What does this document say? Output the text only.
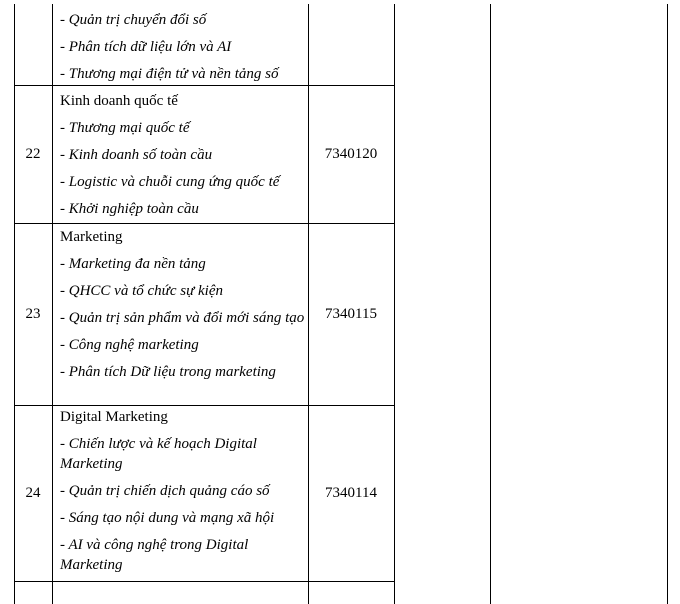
- Quản trị chuyển đổi số
- Phân tích dữ liệu lớn và AI
- Thương mại điện tử và nền tảng số
22
Kinh doanh quốc tế
- Thương mại quốc tế
- Kinh doanh số toàn cầu
- Logistic và chuỗi cung ứng quốc tế
- Khởi nghiệp toàn cầu
7340120
23
Marketing
- Marketing đa nền tảng
- QHCC và tổ chức sự kiện
- Quản trị sản phẩm và đổi mới sáng tạo
- Công nghệ marketing
- Phân tích Dữ liệu trong marketing
7340115
24
Digital Marketing
- Chiến lược và kế hoạch Digital Marketing
- Quản trị chiến dịch quảng cáo số
- Sáng tạo nội dung và mạng xã hội
- AI và công nghệ trong Digital Marketing
7340114
